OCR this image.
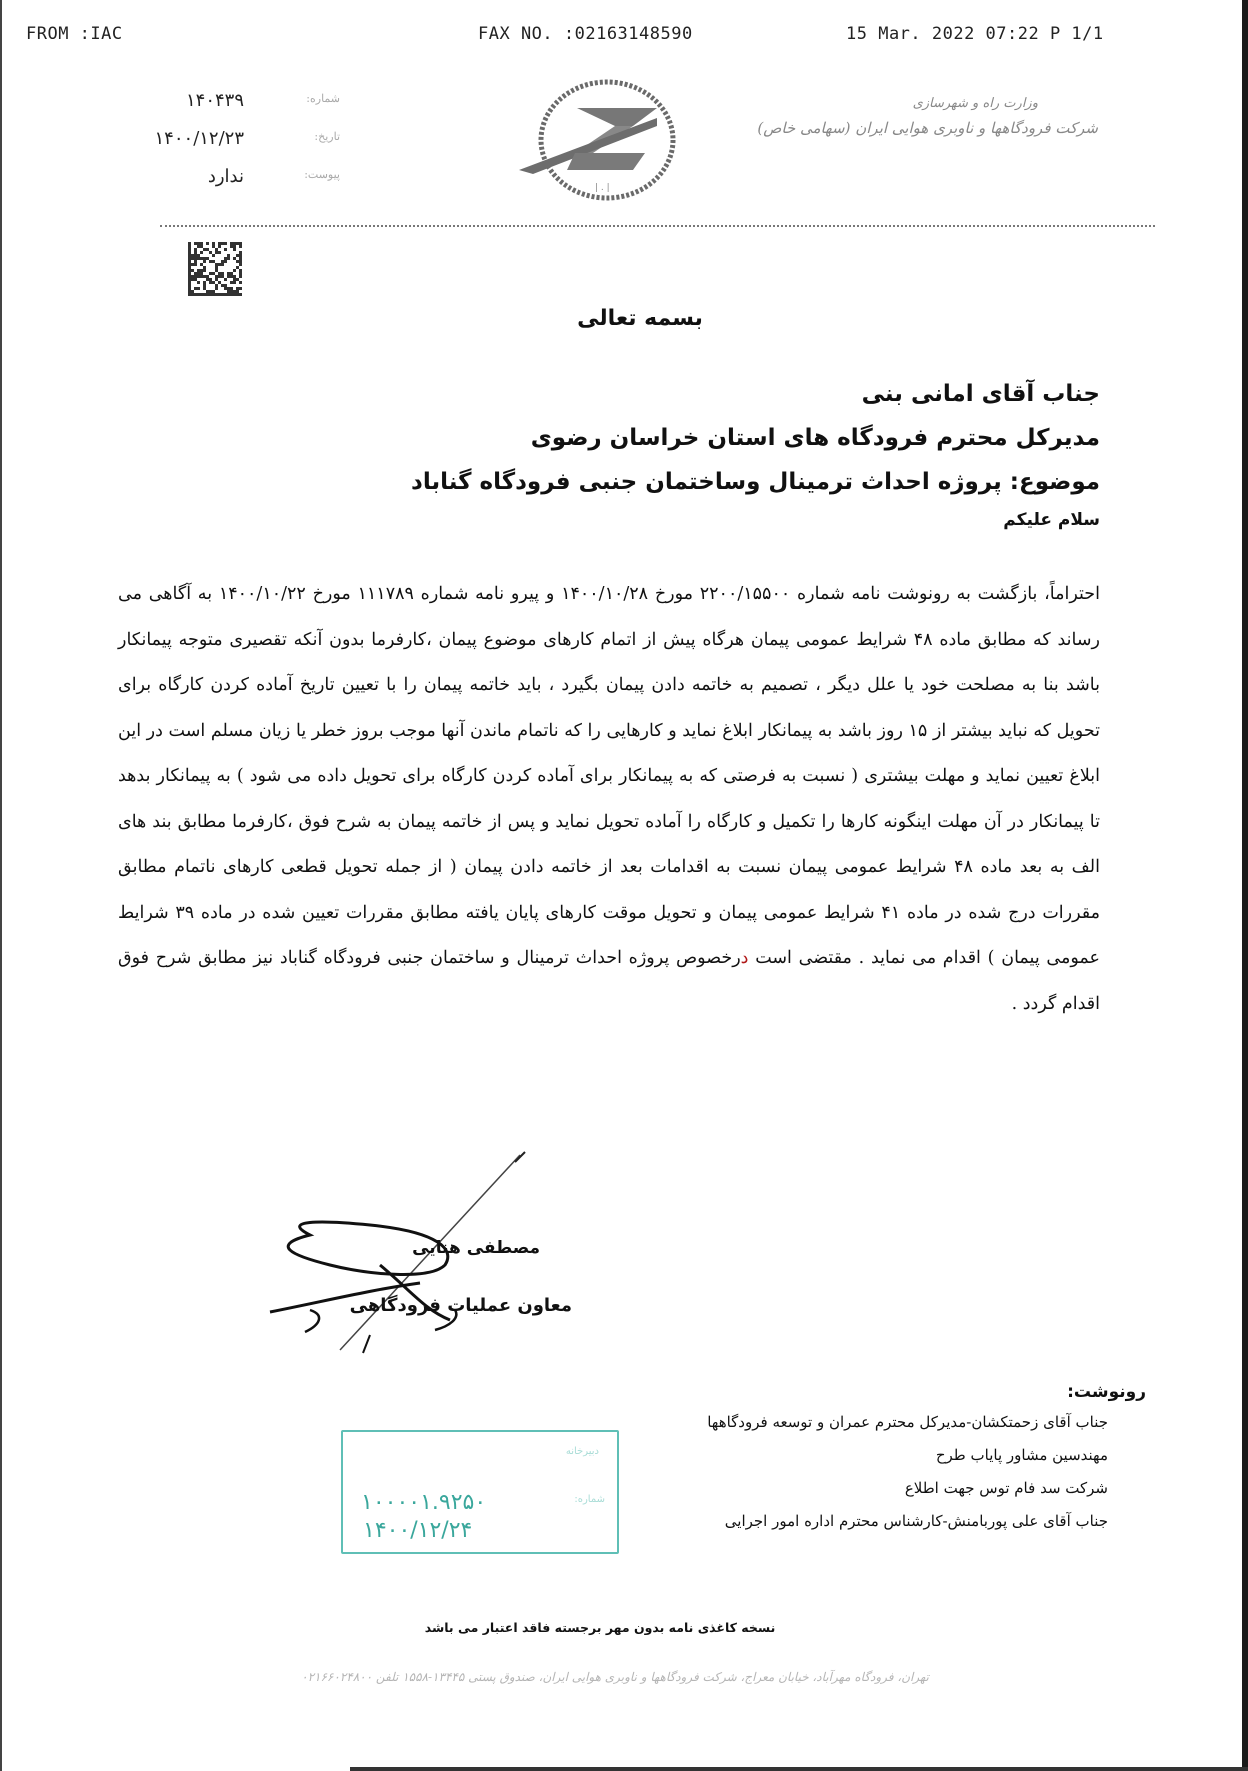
FROM :IAC	FAX NO. :02163148590	15 Mar. 2022 07:22 P 1/1
۱۴۰۴۳۹	شماره:
۱۴۰۰/۱۲/۲۳	تاریخ:
ندارد	پیوست:
| . |
وزارت راه و شهرسازی
شرکت فرودگاهها و ناوبری هوایی ایران (سهامی خاص)
بسمه تعالی
جناب آقای امانی بنی
مدیرکل محترم فرودگاه های استان خراسان رضوی
موضوع: پروژه احداث ترمینال وساختمان جنبی فرودگاه گناباد
سلام علیکم
احتراماً، بازگشت به رونوشت نامه شماره ۲۲۰۰/۱۵۵۰۰ مورخ ۱۴۰۰/۱۰/۲۸ و پیرو نامه شماره ۱۱۱۷۸۹ مورخ ۱۴۰۰/۱۰/۲۲ به آگاهی می رساند که مطابق ماده ۴۸ شرایط عمومی پیمان هرگاه پیش از اتمام کارهای موضوع پیمان ،کارفرما بدون آنکه تقصیری متوجه پیمانکار باشد بنا به مصلحت خود یا علل دیگر ، تصمیم به خاتمه دادن پیمان بگیرد ، باید خاتمه پیمان را با تعیین تاریخ آماده کردن کارگاه برای تحویل که نباید بیشتر از ۱۵ روز باشد به پیمانکار ابلاغ نماید و کارهایی را که ناتمام ماندن آنها موجب بروز خطر یا زیان مسلم است در این ابلاغ تعیین نماید و مهلت بیشتری ( نسبت به فرصتی که به پیمانکار برای آماده کردن کارگاه برای تحویل داده می شود ) به پیمانکار بدهد تا پیمانکار در آن مهلت اینگونه کارها را تکمیل و کارگاه را آماده تحویل نماید و پس از خاتمه پیمان به شرح فوق ،کارفرما مطابق بند های الف به بعد ماده ۴۸ شرایط عمومی پیمان نسبت به اقدامات بعد از خاتمه دادن پیمان ( از جمله تحویل قطعی کارهای ناتمام مطابق مقررات درج شده در ماده ۴۱ شرایط عمومی پیمان و تحویل موقت کارهای پایان یافته مطابق مقررات تعیین شده در ماده ۳۹ شرایط عمومی پیمان ) اقدام می نماید . مقتضی است درخصوص پروژه احداث ترمینال و ساختمان جنبی فرودگاه گناباد نیز مطابق شرح فوق اقدام گردد .
مصطفی هنایی
معاون عملیات فرودگاهی
رونوشت:
جناب آقای زحمتکشان-مدیرکل محترم عمران و توسعه فرودگاهها
مهندسین مشاور پایاب طرح
شرکت سد فام توس جهت اطلاع
جناب آقای علی پوربامنش-کارشناس محترم اداره امور اجرایی
دبیرخانه
شماره:
۱۰۰۰۰۱.۹۲۵۰
۱۴۰۰/۱۲/۲۴
نسخه کاغذی نامه بدون مهر برجسته فاقد اعتبار می باشد
تهران، فرودگاه مهرآباد، خیابان معراج، شرکت فرودگاهها و ناوبری هوایی ایران، صندوق پستی ۱۳۴۴۵-۱۵۵۸ تلفن ۰۲۱۶۶۰۲۴۸۰۰
